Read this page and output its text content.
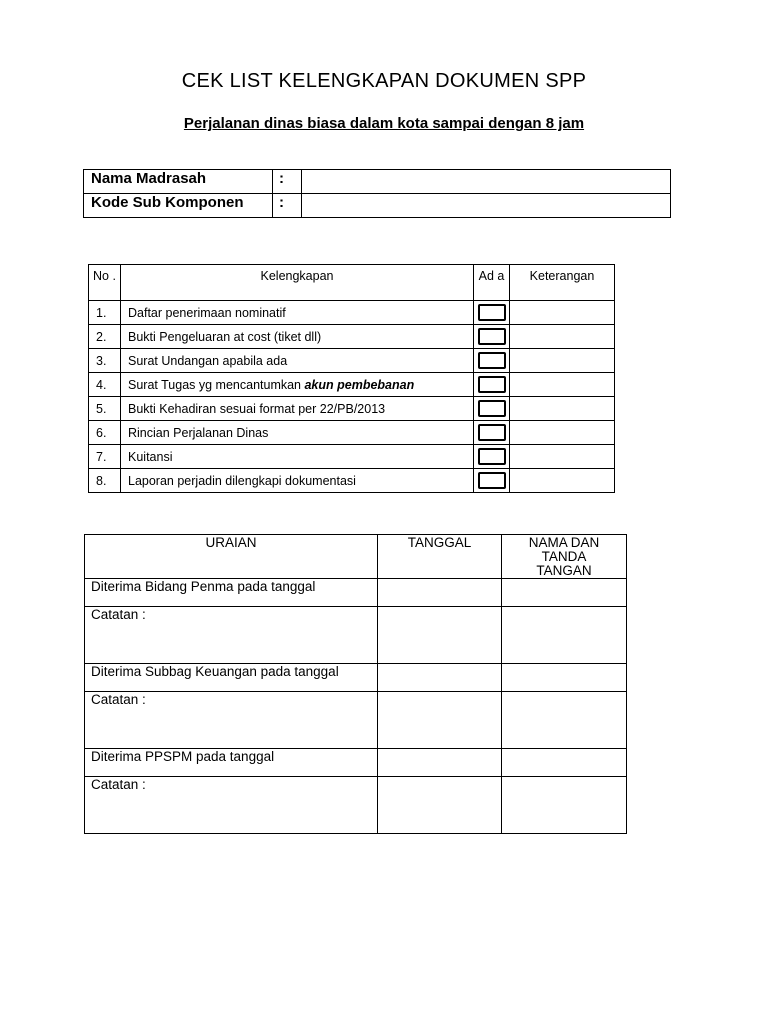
CEK LIST KELENGKAPAN DOKUMEN SPP
Perjalanan dinas biasa dalam kota sampai dengan 8 jam
Nama Madrasah	:	
Kode Sub Komponen	:	
No .	Kelengkapan	Ad a	Keterangan
1.	Daftar penerimaan nominatif		
2.	Bukti Pengeluaran at cost (tiket dll)		
3.	Surat Undangan apabila ada		
4.	Surat Tugas yg mencantumkan akun pembebanan		
5.	Bukti Kehadiran sesuai format per 22/PB/2013		
6.	Rincian Perjalanan Dinas		
7.	Kuitansi		
8.	Laporan perjadin dilengkapi dokumentasi		
URAIAN	TANGGAL	NAMA DAN
TANDA
TANGAN
Diterima Bidang Penma pada tanggal		
Catatan :		
Diterima Subbag Keuangan pada tanggal		
Catatan :		
Diterima PPSPM pada tanggal		
Catatan :		
